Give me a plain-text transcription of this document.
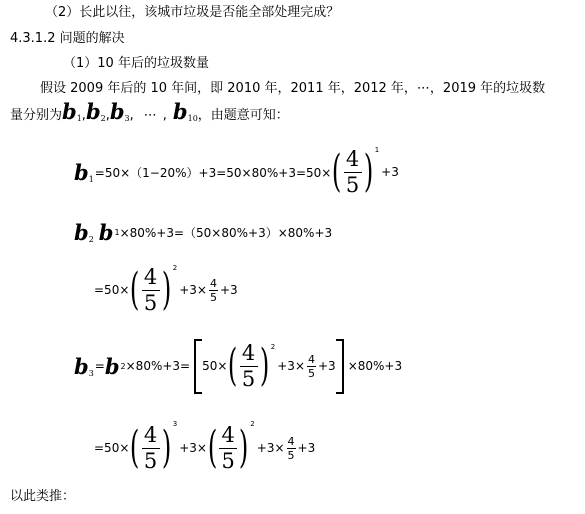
（2）长此以往，该城市垃圾是否能全部处理完成？
4.3.1.2 问题的解决
（1）10 年后的垃圾数量
假设 2009 年后的 10 年间，即 2010 年，2011 年，2012 年，⋯，2019 年的垃圾数
量分别为 $b_1$ , $b_2$ , $b_3$ , ⋯ , $b_{10}$ ，由题意可知：
$b_1 =50\times(1-20\%)+3=50\times 80\%+3=50\times$ ( $\frac{4}{5}$ ) 1
+3
$b_2$ b 1 ×80%+3=（50×80%+3）×80%+3
=50× ( $\frac{4}{5}$ ) 2
+3× 4
5 +3
$b_3 = b$ 2 ×80%+3= 50× ( $\frac{4}{5}$ ) 2
+3× 4
5 +3 ×80%+3
=50× ( $\frac{4}{5}$ ) 3
+3× ( $\frac{4}{5}$ ) 2
+3× 4
5 +3
以此类推：
